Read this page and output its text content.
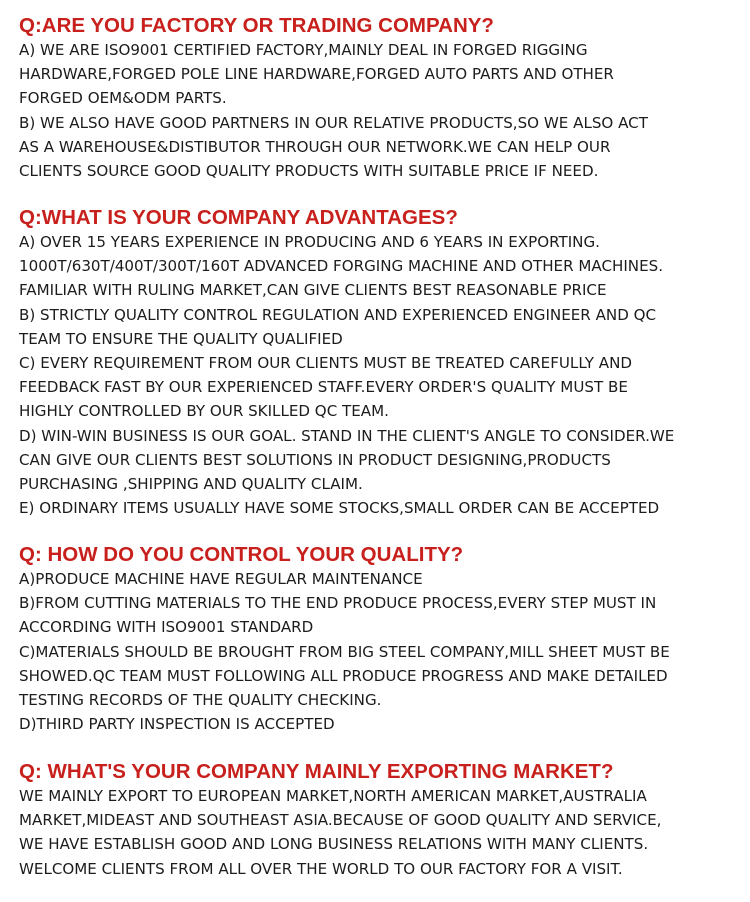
Q:ARE YOU FACTORY OR TRADING COMPANY?
A) WE ARE ISO9001 CERTIFIED FACTORY,MAINLY DEAL IN FORGED RIGGING
HARDWARE,FORGED POLE LINE HARDWARE,FORGED AUTO PARTS AND OTHER
FORGED OEM&ODM PARTS.
B) WE ALSO HAVE GOOD PARTNERS IN OUR RELATIVE PRODUCTS,SO WE ALSO ACT
AS A WAREHOUSE&DISTIBUTOR THROUGH OUR NETWORK.WE CAN HELP OUR
CLIENTS SOURCE GOOD QUALITY PRODUCTS WITH SUITABLE PRICE IF NEED.
Q:WHAT IS YOUR COMPANY ADVANTAGES?
A) OVER 15 YEARS EXPERIENCE IN PRODUCING AND 6 YEARS IN EXPORTING.
1000T/630T/400T/300T/160T ADVANCED FORGING MACHINE AND OTHER MACHINES.
FAMILIAR WITH RULING MARKET,CAN GIVE CLIENTS BEST REASONABLE PRICE
B) STRICTLY QUALITY CONTROL REGULATION AND EXPERIENCED ENGINEER AND QC
TEAM TO ENSURE THE QUALITY QUALIFIED
C) EVERY REQUIREMENT FROM OUR CLIENTS MUST BE TREATED CAREFULLY AND
FEEDBACK FAST BY OUR EXPERIENCED STAFF.EVERY ORDER'S QUALITY MUST BE
HIGHLY CONTROLLED BY OUR SKILLED QC TEAM.
D) WIN-WIN BUSINESS IS OUR GOAL. STAND IN THE CLIENT'S ANGLE TO CONSIDER.WE
CAN GIVE OUR CLIENTS BEST SOLUTIONS IN PRODUCT DESIGNING,PRODUCTS
PURCHASING ,SHIPPING AND QUALITY CLAIM.
E) ORDINARY ITEMS USUALLY HAVE SOME STOCKS,SMALL ORDER CAN BE ACCEPTED
Q: HOW DO YOU CONTROL YOUR QUALITY?
A)PRODUCE MACHINE HAVE REGULAR MAINTENANCE
B)FROM CUTTING MATERIALS TO THE END PRODUCE PROCESS,EVERY STEP MUST IN
ACCORDING WITH ISO9001 STANDARD
C)MATERIALS SHOULD BE BROUGHT FROM BIG STEEL COMPANY,MILL SHEET MUST BE
SHOWED.QC TEAM MUST FOLLOWING ALL PRODUCE PROGRESS AND MAKE DETAILED
TESTING RECORDS OF THE QUALITY CHECKING.
D)THIRD PARTY INSPECTION IS ACCEPTED
Q: WHAT'S YOUR COMPANY MAINLY EXPORTING MARKET?
WE MAINLY EXPORT TO EUROPEAN MARKET,NORTH AMERICAN MARKET,AUSTRALIA
MARKET,MIDEAST AND SOUTHEAST ASIA.BECAUSE OF GOOD QUALITY AND SERVICE,
WE HAVE ESTABLISH GOOD AND LONG BUSINESS RELATIONS WITH MANY CLIENTS.
WELCOME CLIENTS FROM ALL OVER THE WORLD TO OUR FACTORY FOR A VISIT.
